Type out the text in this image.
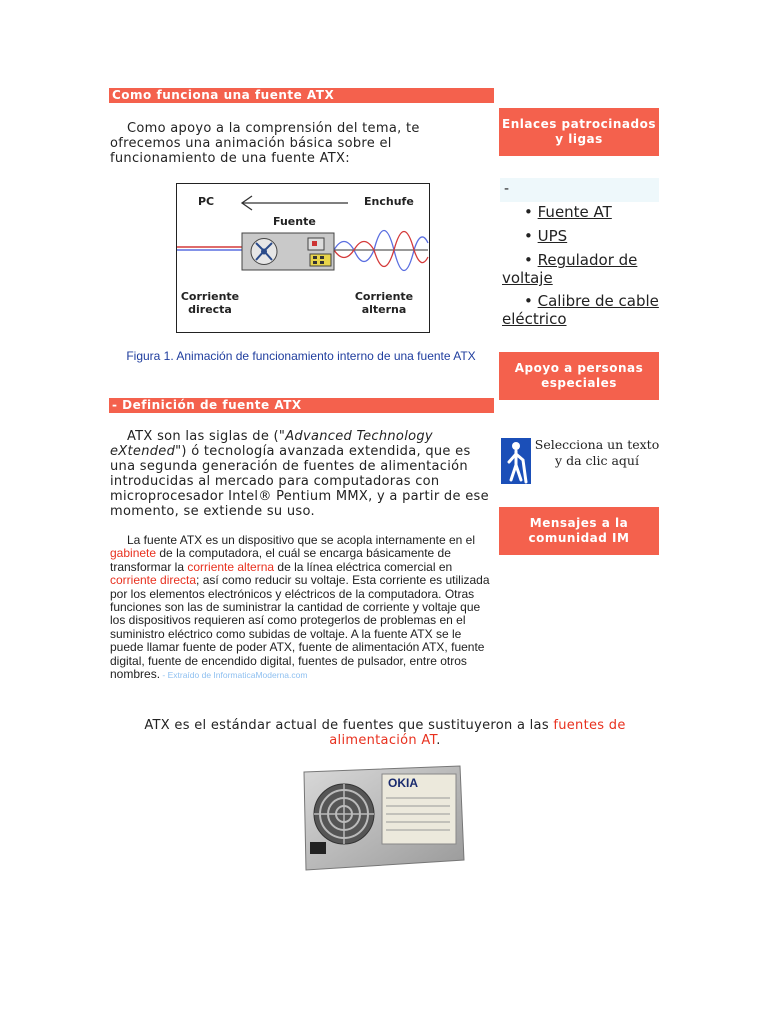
Como funciona una fuente ATX
Como apoyo a la comprensión del tema, te ofrecemos una animación básica sobre el funcionamiento de una fuente ATX:
PC	Enchufe
Fuente
Corriente
directa
Corriente
alterna
Figura 1. Animación de funcionamiento interno de una fuente ATX
- Definición de fuente ATX
ATX son las siglas de ("Advanced Technology eXtended") ó tecnología avanzada extendida, que es una segunda generación de fuentes de alimentación introducidas al mercado para computadoras con microprocesador Intel® Pentium MMX, y a partir de ese momento, se extiende su uso.
La fuente ATX es un dispositivo que se acopla internamente en el gabinete de la computadora, el cuál se encarga básicamente de transformar la corriente alterna de la línea eléctrica comercial en corriente directa; así como reducir su voltaje. Esta corriente es utilizada por los elementos electrónicos y eléctricos de la computadora. Otras funciones son las de suministrar la cantidad de corriente y voltaje que los dispositivos requieren así como protegerlos de problemas en el suministro eléctrico como subidas de voltaje. A la fuente ATX se le puede llamar fuente de poder ATX, fuente de alimentación ATX, fuente digital, fuente de encendido digital, fuentes de pulsador, entre otros nombres. - Extraído de InformaticaModerna.com
ATX es el estándar actual de fuentes que sustituyeron a las fuentes de alimentación AT.
OKIA
Enlaces patrocinados y ligas
-
• Fuente AT
• UPS
• Regulador de voltaje
• Calibre de cable eléctrico
Apoyo a personas especiales
Selecciona un texto y da clic aquí
Mensajes a la comunidad IM
